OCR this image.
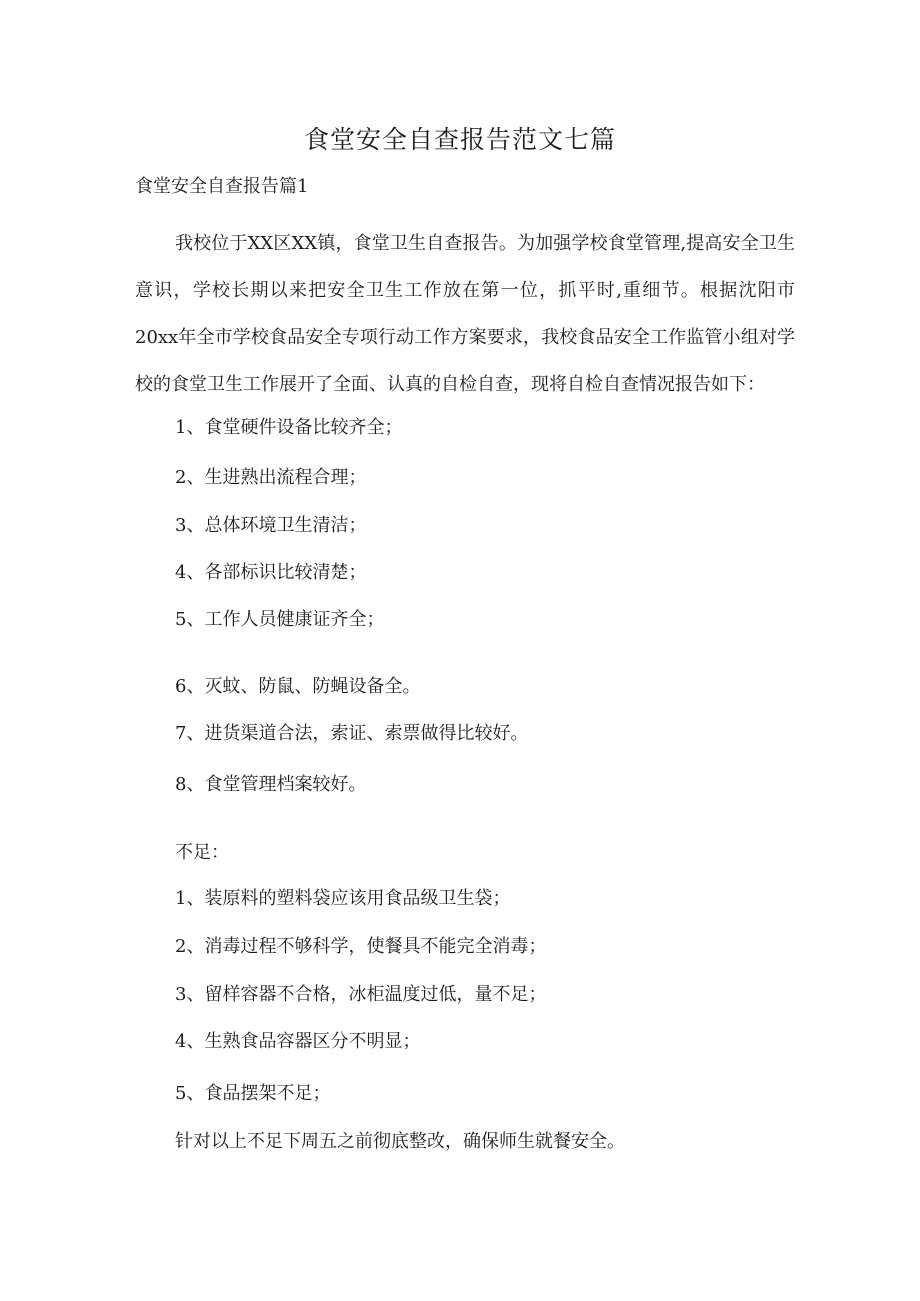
食堂安全自查报告范文七篇
食堂安全自查报告篇1

我校位于XX区XX镇，食堂卫生自查报告。为加强学校食堂管理,提高安全卫生意识，学校长期以来把安全卫生工作放在第一位，抓平时,重细节。根据沈阳市20xx年全市学校食品安全专项行动工作方案要求，我校食品安全工作监管小组对学校的食堂卫生工作展开了全面、认真的自检自查，现将自检自查情况报告如下：

1、食堂硬件设备比较齐全；
2、生进熟出流程合理；
3、总体环境卫生清洁；
4、各部标识比较清楚；
5、工作人员健康证齐全；
6、灭蚊、防鼠、防蝇设备全。
7、进货渠道合法，索证、索票做得比较好。
8、食堂管理档案较好。
不足：
1、装原料的塑料袋应该用食品级卫生袋；
2、消毒过程不够科学，使餐具不能完全消毒；
3、留样容器不合格，冰柜温度过低，量不足；
4、生熟食品容器区分不明显；
5、食品摆架不足；
针对以上不足下周五之前彻底整改，确保师生就餐安全。
